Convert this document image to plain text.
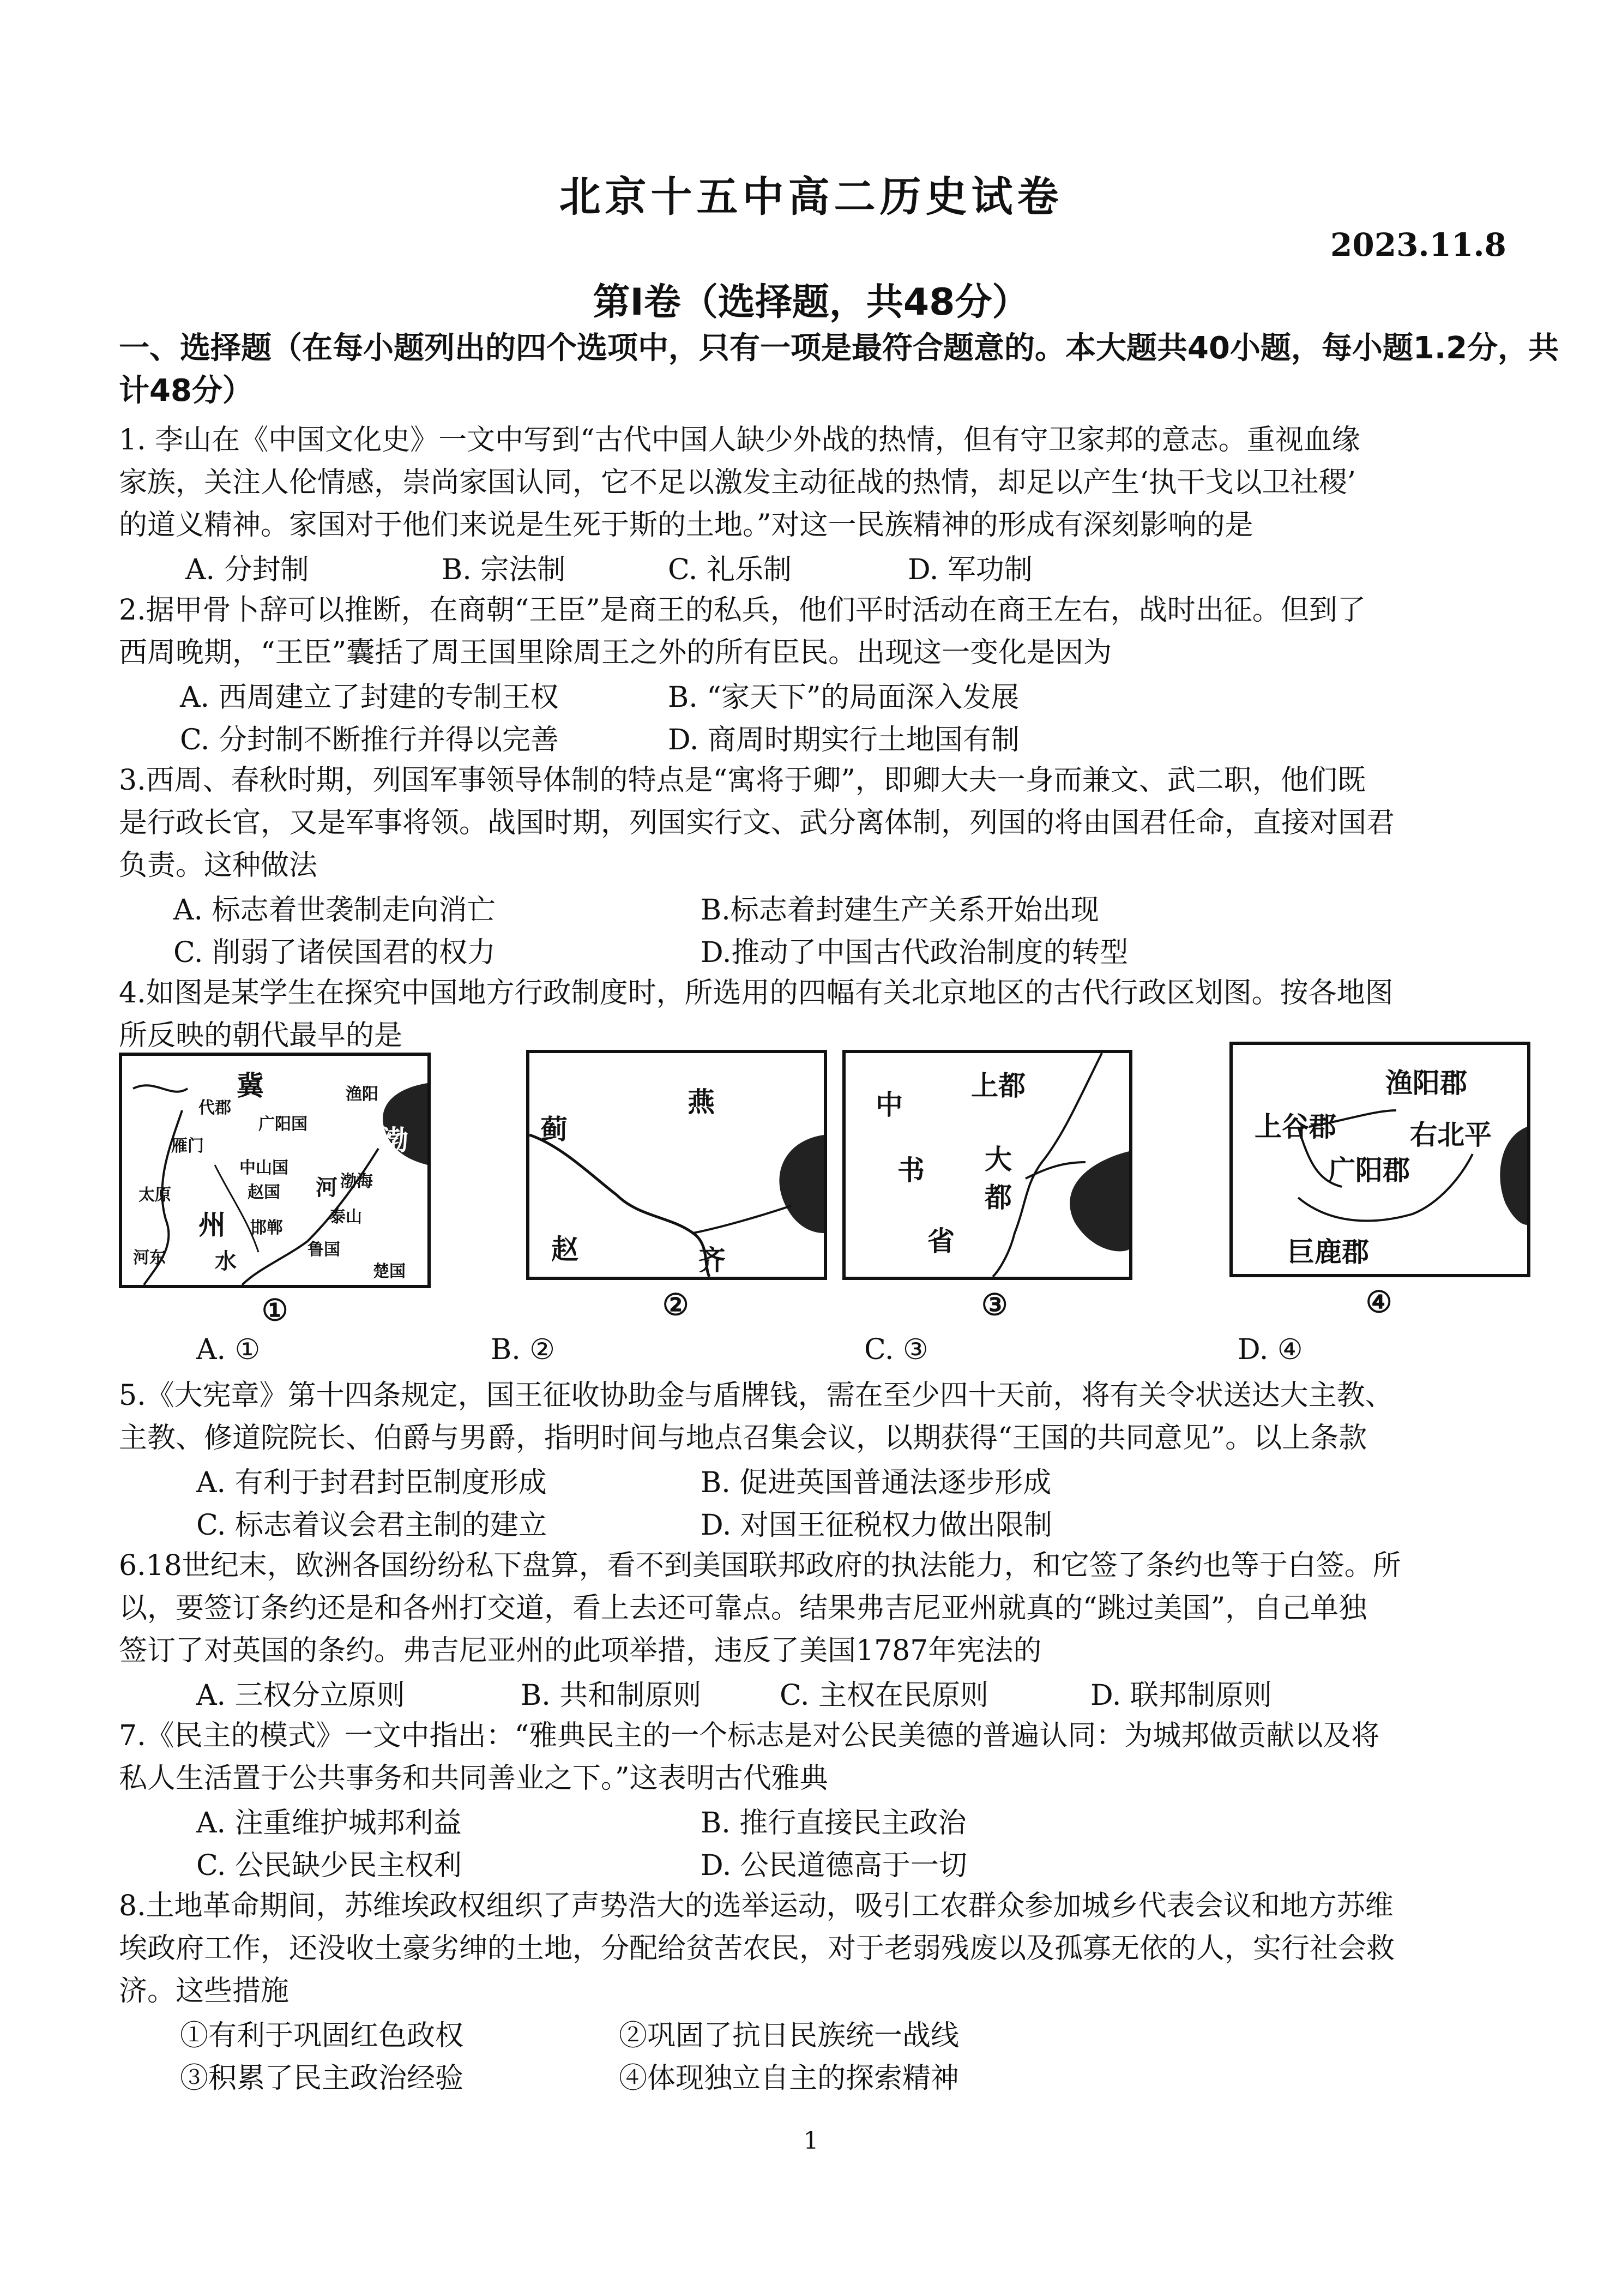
北京十五中高二历史试卷
2023.11.8
第Ⅰ卷（选择题，共48分）
一、选择题（在每小题列出的四个选项中，只有一项是最符合题意的。本大题共40小题，每小题1.2分，共计48分）
1. 李山在《中国文化史》一文中写到“古代中国人缺少外战的热情，但有守卫家邦的意志。重视血缘
家族，关注人伦情感，崇尚家国认同，它不足以激发主动征战的热情，却足以产生‘执干戈以卫社稷’
的道义精神。家国对于他们来说是生死于斯的土地。”对这一民族精神的形成有深刻影响的是
A. 分封制	B. 宗法制	C. 礼乐制	D. 军功制
2.据甲骨卜辞可以推断，在商朝“王臣”是商王的私兵，他们平时活动在商王左右，战时出征。但到了
西周晚期，“王臣”囊括了周王国里除周王之外的所有臣民。出现这一变化是因为
A. 西周建立了封建的专制王权	B. “家天下”的局面深入发展
C. 分封制不断推行并得以完善	D. 商周时期实行土地国有制
3.西周、春秋时期，列国军事领导体制的特点是“寓将于卿”，即卿大夫一身而兼文、武二职，他们既
是行政长官，又是军事将领。战国时期，列国实行文、武分离体制，列国的将由国君任命，直接对国君
负责。这种做法
A. 标志着世袭制走向消亡	B.标志着封建生产关系开始出现
C. 削弱了诸侯国君的权力	D.推动了中国古代政治制度的转型
4.如图是某学生在探究中国地方行政制度时，所选用的四幅有关北京地区的古代行政区划图。按各地图
所反映的朝代最早的是
冀	渔阳
代郡
广阳国
雁门	渤
中山国
太原	赵国 河 渤海
州 邯郸
泰山
河东 水	鲁国
楚国
①
蓟
燕
赵	齐
②
上都
中
书 大
都
省
③
渔阳郡
上谷郡	右北平
广阳郡
巨鹿郡
④
A. ①	B. ②	C. ③	D. ④
5.《大宪章》第十四条规定，国王征收协助金与盾牌钱，需在至少四十天前，将有关令状送达大主教、
主教、修道院院长、伯爵与男爵，指明时间与地点召集会议，以期获得“王国的共同意见”。以上条款
A. 有利于封君封臣制度形成	B. 促进英国普通法逐步形成
C. 标志着议会君主制的建立	D. 对国王征税权力做出限制
6.18世纪末，欧洲各国纷纷私下盘算，看不到美国联邦政府的执法能力，和它签了条约也等于白签。所
以，要签订条约还是和各州打交道，看上去还可靠点。结果弗吉尼亚州就真的“跳过美国”，自己单独
签订了对英国的条约。弗吉尼亚州的此项举措，违反了美国1787年宪法的
A. 三权分立原则	B. 共和制原则	C. 主权在民原则	D. 联邦制原则
7.《民主的模式》一文中指出：“雅典民主的一个标志是对公民美德的普遍认同：为城邦做贡献以及将
私人生活置于公共事务和共同善业之下。”这表明古代雅典
A. 注重维护城邦利益	B. 推行直接民主政治
C. 公民缺少民主权利	D. 公民道德高于一切
8.土地革命期间，苏维埃政权组织了声势浩大的选举运动，吸引工农群众参加城乡代表会议和地方苏维
埃政府工作，还没收土豪劣绅的土地，分配给贫苦农民，对于老弱残废以及孤寡无依的人，实行社会救
济。这些措施
①有利于巩固红色政权	②巩固了抗日民族统一战线
③积累了民主政治经验	④体现独立自主的探索精神
1
